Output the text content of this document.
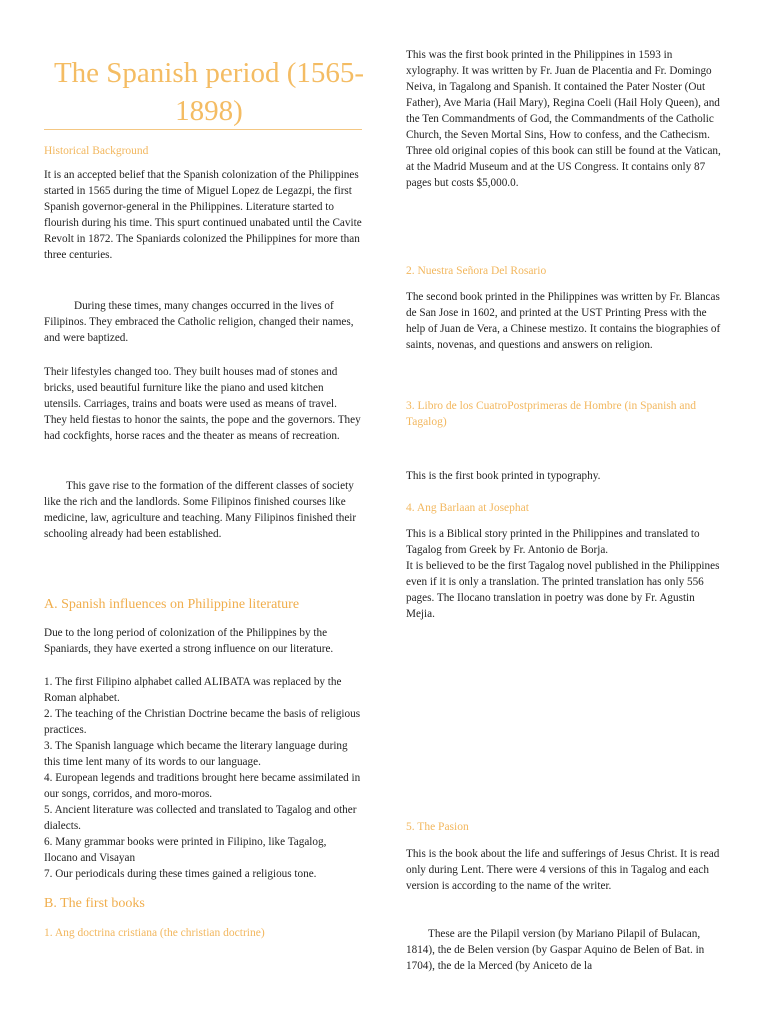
The Spanish period (1565-1898)
Historical Background
It is an accepted belief that the Spanish colonization of the Philippines started in 1565 during the time of Miguel Lopez de Legazpi, the first Spanish governor-general in the Philippines. Literature started to flourish during his time. This spurt continued unabated until the Cavite Revolt in 1872. The Spaniards colonized the Philippines for more than three centuries.
During these times, many changes occurred in the lives of Filipinos. They embraced the Catholic religion, changed their names, and were baptized.
Their lifestyles changed too. They built houses mad of stones and bricks, used beautiful furniture like the piano and used kitchen utensils. Carriages, trains and boats were used as means of travel. They held fiestas to honor the saints, the pope and the governors. They had cockfights, horse races and the theater as means of recreation.
This gave rise to the formation of the different classes of society like the rich and the landlords. Some Filipinos finished courses like medicine, law, agriculture and teaching. Many Filipinos finished their schooling already had been established.
A. Spanish influences on Philippine literature
Due to the long period of colonization of the Philippines by the Spaniards, they have exerted a strong influence on our literature.
1. The first Filipino alphabet called ALIBATA was replaced by the Roman alphabet.
2. The teaching of the Christian Doctrine became the basis of religious practices.
3. The Spanish language which became the literary language during this time lent many of its words to our language.
4. European legends and traditions brought here became assimilated in our songs, corridos, and moro-moros.
5. Ancient literature was collected and translated to Tagalog and other dialects.
6. Many grammar books were printed in Filipino, like Tagalog, Ilocano and Visayan
7. Our periodicals during these times gained a religious tone.
B. The first books
1. Ang doctrina cristiana (the christian doctrine)
This was the first book printed in the Philippines in 1593 in xylography. It was written by Fr. Juan de Placentia and Fr. Domingo Neiva, in Tagalong and Spanish. It contained the Pater Noster (Out Father), Ave Maria (Hail Mary), Regina Coeli (Hail Holy Queen), and the Ten Commandments of God, the Commandments of the Catholic Church, the Seven Mortal Sins, How to confess, and the Cathecism. Three old original copies of this book can still be found at the Vatican, at the Madrid Museum and at the US Congress. It contains only 87 pages but costs $5,000.0.
2. Nuestra Señora Del Rosario
The second book printed in the Philippines was written by Fr. Blancas de San Jose in 1602, and printed at the UST Printing Press with the help of Juan de Vera, a Chinese mestizo. It contains the biographies of saints, novenas, and questions and answers on religion.
3. Libro de los CuatroPostprimeras de Hombre (in Spanish and Tagalog)
This is the first book printed in typography.
4. Ang Barlaan at Josephat
This is a Biblical story printed in the Philippines and translated to Tagalog from Greek by Fr. Antonio de Borja.
It is believed to be the first Tagalog novel published in the Philippines even if it is only a translation. The printed translation has only 556 pages. The Ilocano translation in poetry was done by Fr. Agustin Mejia.
5. The Pasion
This is the book about the life and sufferings of Jesus Christ. It is read only during Lent. There were 4 versions of this in Tagalog and each version is according to the name of the writer.
These are the Pilapil version (by Mariano Pilapil of Bulacan, 1814), the de Belen version (by Gaspar Aquino de Belen of Bat. in 1704), the de la Merced (by Aniceto de la
